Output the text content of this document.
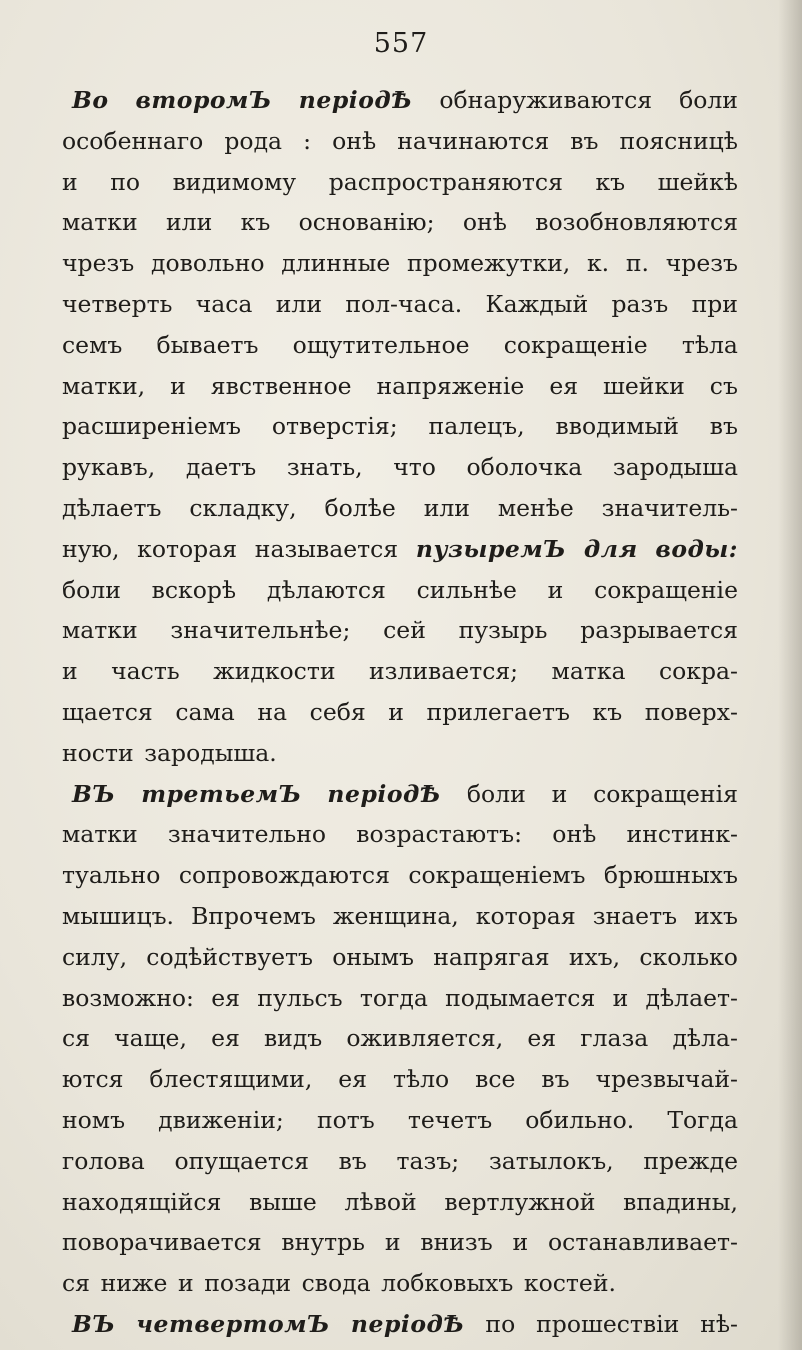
557
Во второмЪ періодѢ обнаруживаются боли
особеннаго рода : онѣ начинаются въ поясницѣ
и по видимому распространяются къ шейкѣ
матки или къ основанію; онѣ возобновляются
чрезъ довольно длинные промежутки, к. п. чрезъ
четверть часа или пол-часа. Каждый разъ при
семъ бываетъ ощутительное сокращеніе тѣла
матки, и явственное напряженіе ея шейки съ
расширеніемъ отверстія; палецъ, вводимый въ
рукавъ, даетъ знать, что оболочка зародыша
дѣлаетъ складку, болѣе или менѣе значитель-
ную, которая называется пузыремЪ для воды:
боли вскорѣ дѣлаются сильнѣе и сокращеніе
матки значительнѣе; сей пузырь разрывается
и часть жидкости изливается; матка сокра-
щается сама на себя и прилегаетъ къ поверх-
ности зародыша.
ВЪ третьемЪ періодѢ боли и сокращенія
матки значительно возрастаютъ: онѣ инстинк-
туально сопровождаются сокращеніемъ брюшныхъ
мышицъ. Впрочемъ женщина, которая знаетъ ихъ
силу, содѣйствуетъ онымъ напрягая ихъ, сколько
возможно: ея пульсъ тогда подымается и дѣлает-
ся чаще, ея видъ оживляется, ея глаза дѣла-
ются блестящими, ея тѣло все въ чрезвычай-
номъ движеніи; потъ течетъ обильно. Тогда
голова опущается въ тазъ; затылокъ, прежде
находящійся выше лѣвой вертлужной впадины,
поворачивается внутрь и внизъ и останавливает-
ся ниже и позади свода лобковыхъ костей.
ВЪ четвертомЪ періодѢ по прошествіи нѣ-
